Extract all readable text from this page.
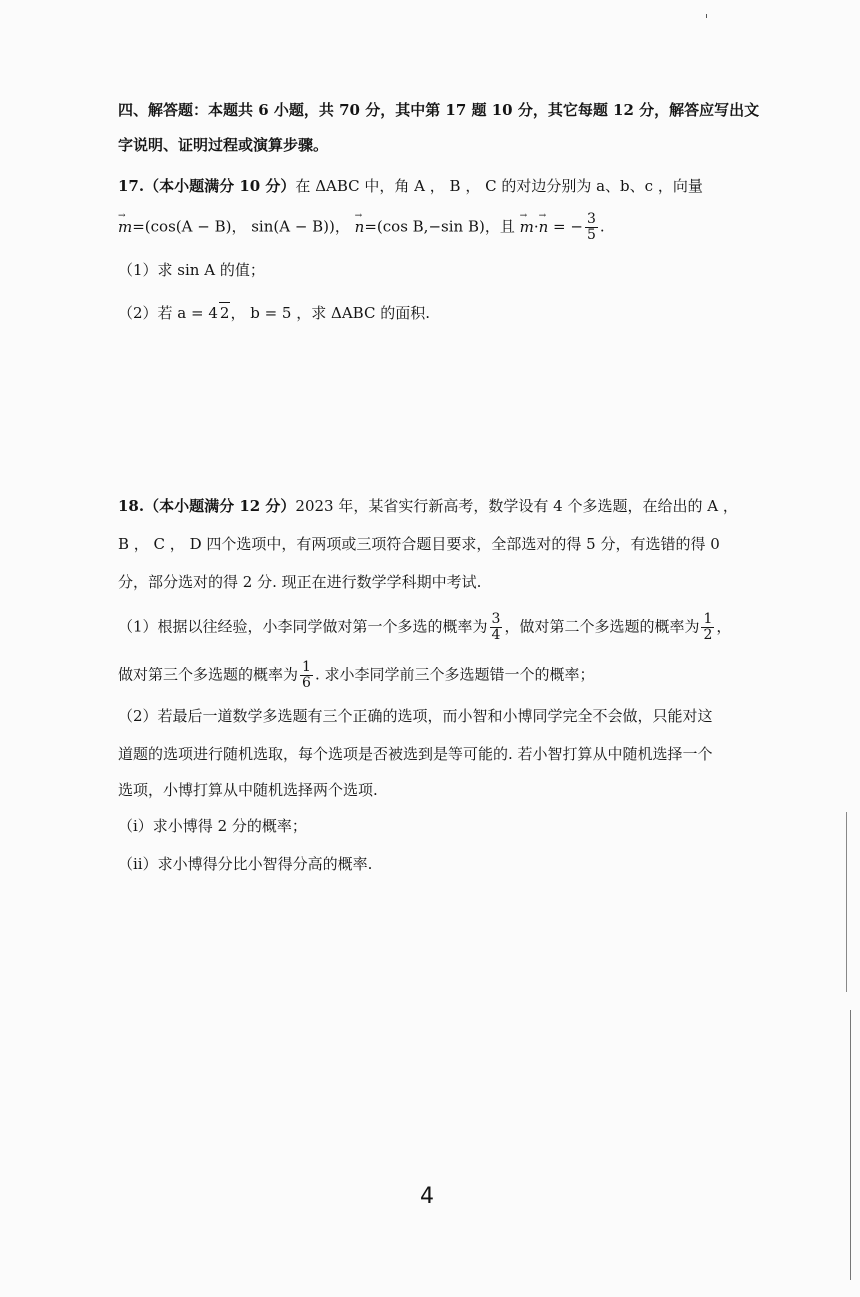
四、解答题：本题共 6 小题，共 70 分，其中第 17 题 10 分，其它每题 12 分，解答应写出文
字说明、证明过程或演算步骤。
17.（本小题满分 10 分）在 ΔABC 中，角 A ， B ， C 的对边分别为 a、b、c ，向量
→ m=(cos(A − B)， sin(A − B))， → n=(cos B,−sin B)，且 → m·→ n = − $\frac{3}{5}$ .
（1）求 sin A 的值；
（2）若 a = 4 2， b = 5 ，求 ΔABC 的面积.
18.（本小题满分 12 分）2023 年，某省实行新高考，数学设有 4 个多选题，在给出的 A ，
B ， C ， D 四个选项中，有两项或三项符合题目要求，全部选对的得 5 分，有选错的得 0
分，部分选对的得 2 分. 现正在进行数学学科期中考试.
（1）根据以往经验，小李同学做对第一个多选的概率为 $\frac{3}{4}$ ，做对第二个多选题的概率为 $\frac{1}{2}$ ，
做对第三个多选题的概率为 $\frac{1}{6}$ . 求小李同学前三个多选题错一个的概率；
（2）若最后一道数学多选题有三个正确的选项，而小智和小博同学完全不会做，只能对这
道题的选项进行随机选取，每个选项是否被选到是等可能的. 若小智打算从中随机选择一个
选项，小博打算从中随机选择两个选项.
（i）求小博得 2 分的概率；
（ii）求小博得分比小智得分高的概率.
4
